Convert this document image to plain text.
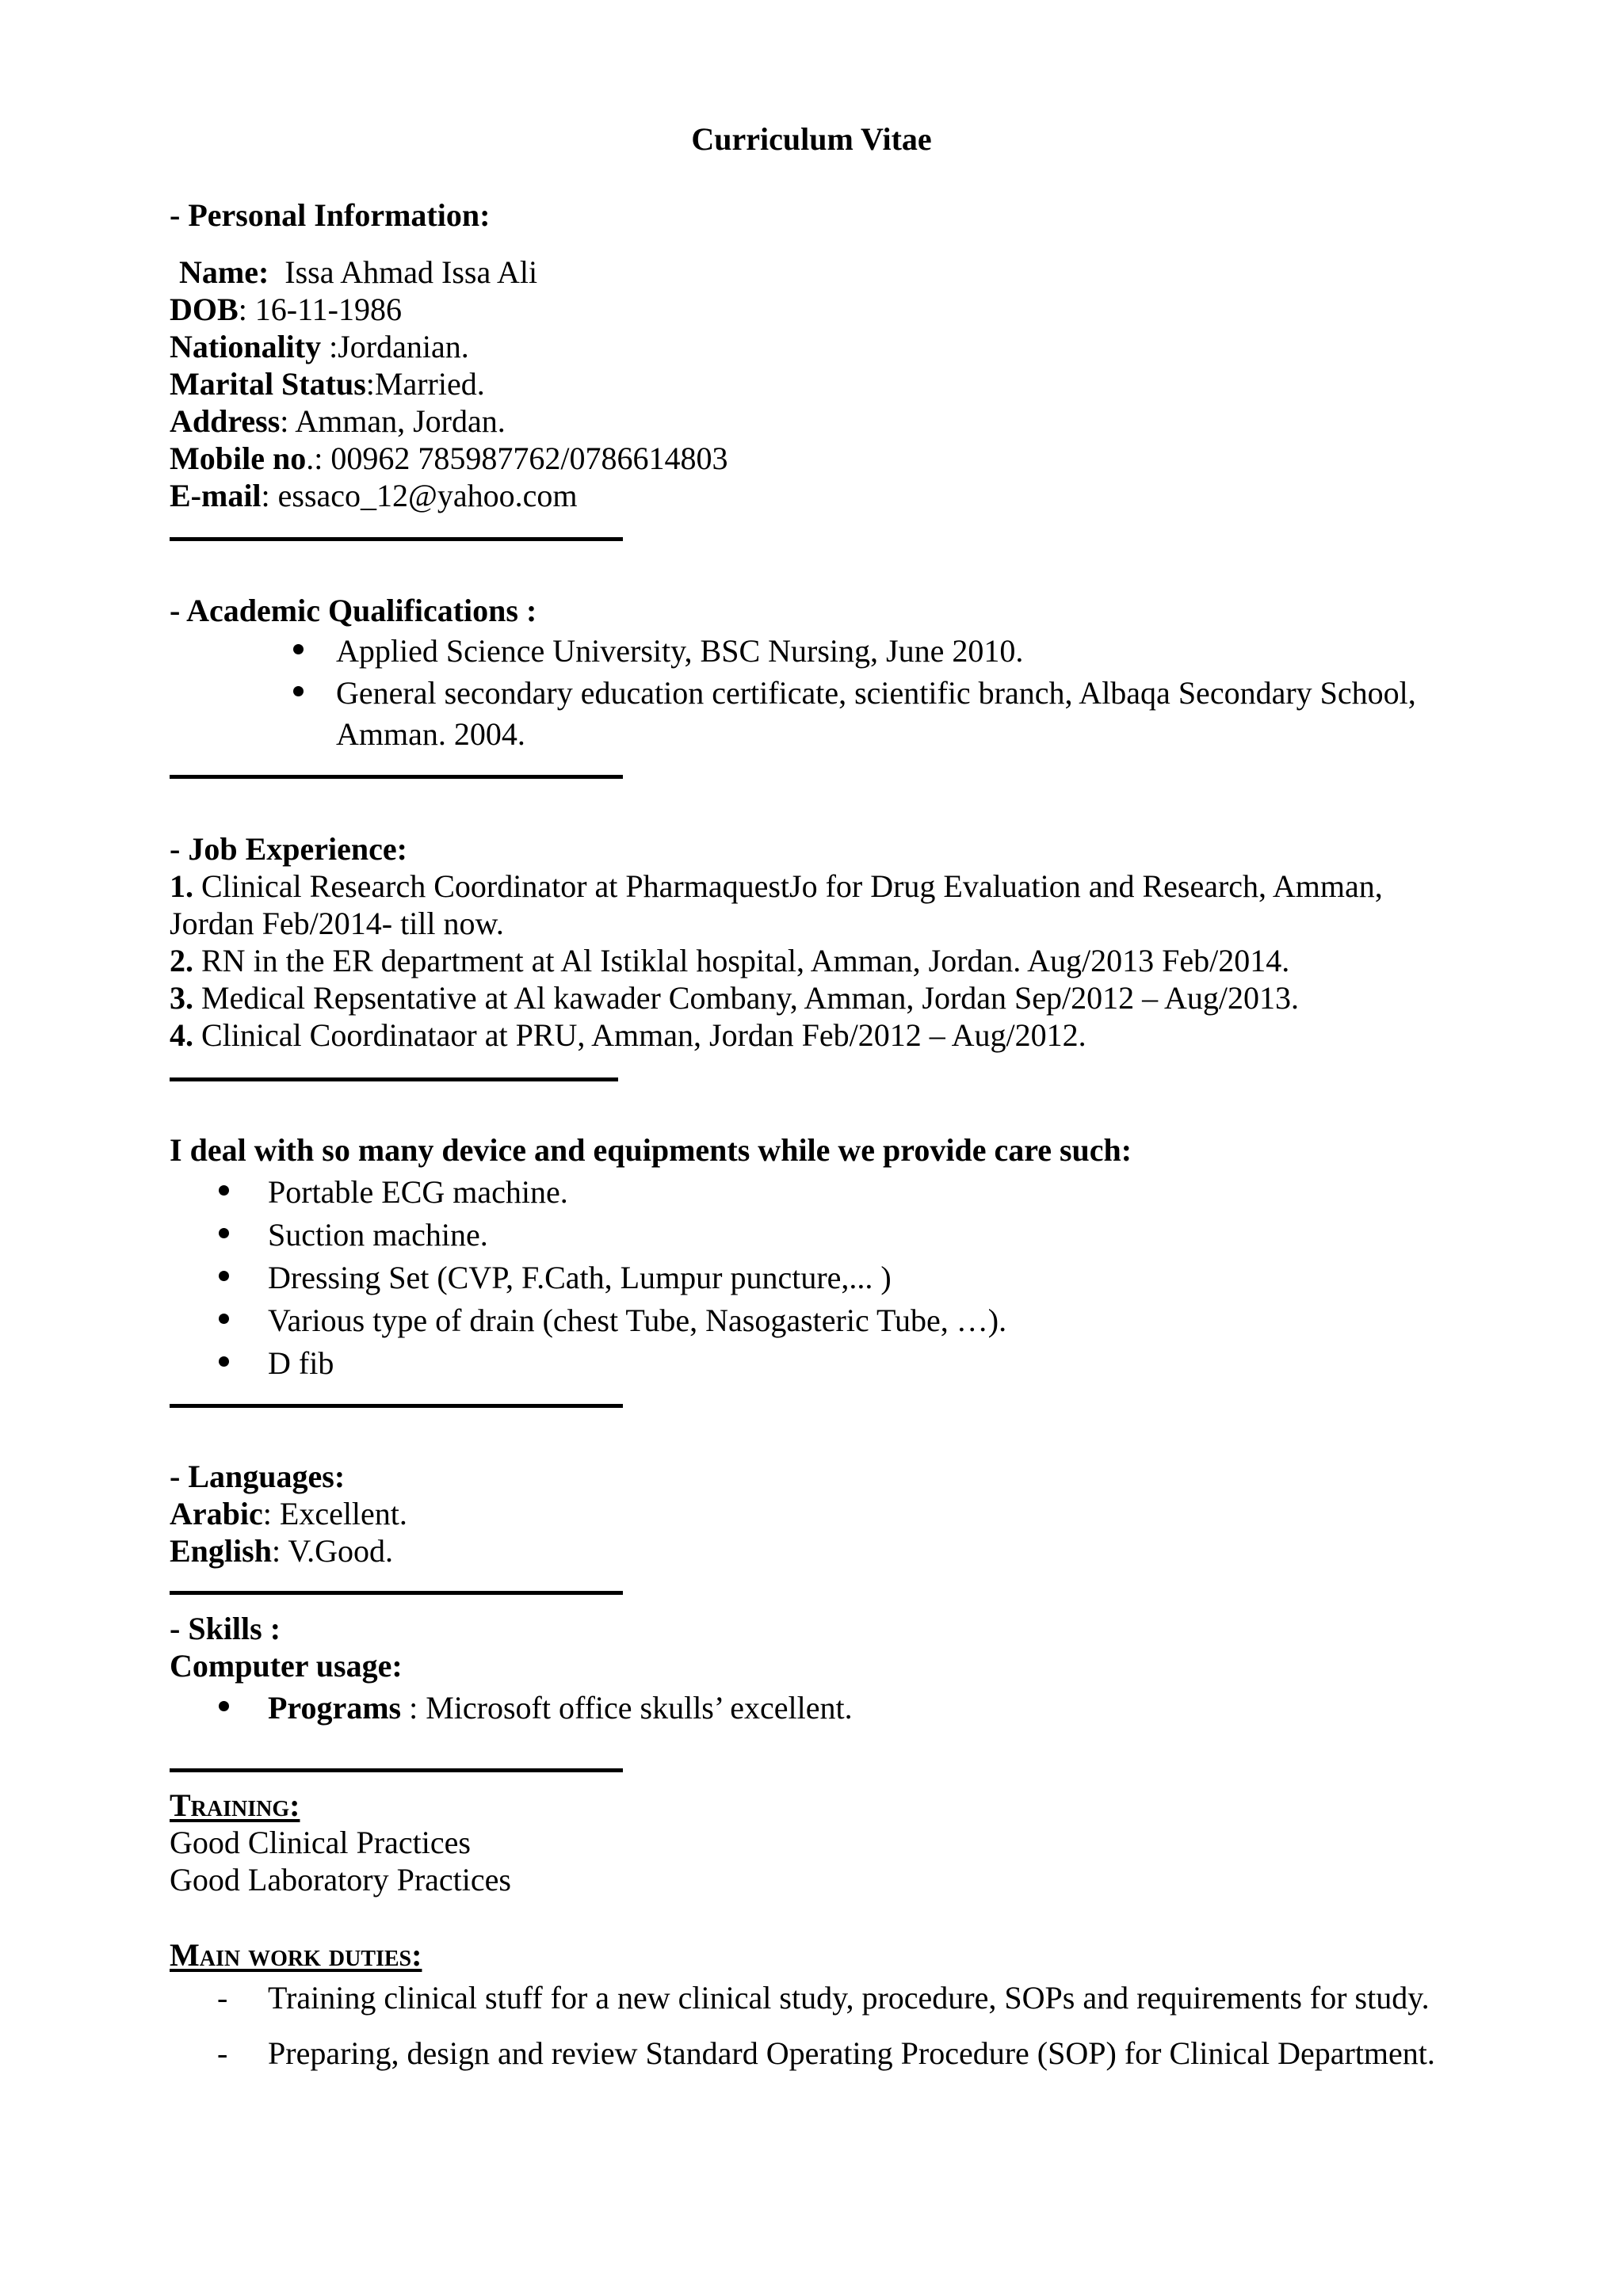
Curriculum Vitae
- Personal Information:
Name: Issa Ahmad Issa Ali
DOB: 16-11-1986
Nationality :Jordanian.
Marital Status:Married.
Address: Amman, Jordan.
Mobile no.: 00962 785987762/0786614803
E-mail: essaco_12@yahoo.com
- Academic Qualifications :
Applied Science University, BSC Nursing, June 2010.
General secondary education certificate, scientific branch, Albaqa Secondary School,
Amman. 2004.
- Job Experience:
1. Clinical Research Coordinator at PharmaquestJo for Drug Evaluation and Research, Amman,
Jordan Feb/2014- till now.
2. RN in the ER department at Al Istiklal hospital, Amman, Jordan. Aug/2013 Feb/2014.
3. Medical Repsentative at Al kawader Combany, Amman, Jordan Sep/2012 – Aug/2013.
4. Clinical Coordinataor at PRU, Amman, Jordan Feb/2012 – Aug/2012.
I deal with so many device and equipments while we provide care such:
Portable ECG machine.
Suction machine.
Dressing Set (CVP, F.Cath, Lumpur puncture,... )
Various type of drain (chest Tube, Nasogasteric Tube, …).
D fib
- Languages:
Arabic: Excellent.
English: V.Good.
- Skills :
Computer usage:
Programs : Microsoft office skulls’ excellent.
Training:
Good Clinical Practices
Good Laboratory Practices
Main work duties:
- Training clinical stuff for a new clinical study, procedure, SOPs and requirements for study.
- Preparing, design and review Standard Operating Procedure (SOP) for Clinical Department.
